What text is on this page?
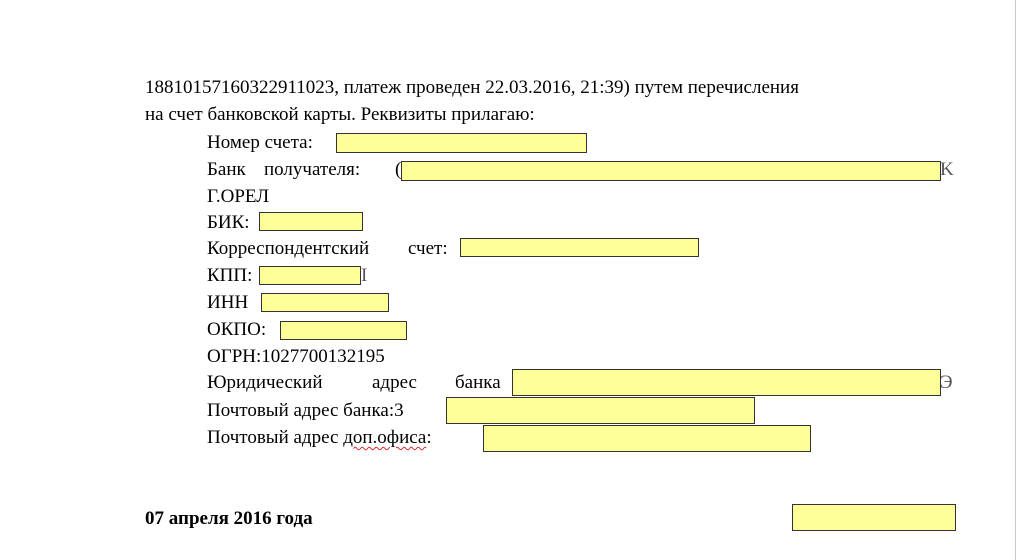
18810157160322911023, платеж проведен 22.03.2016, 21:39) путем перечисления
на счет банковской карты. Реквизиты прилагаю:
Номер счета:
Банк получателя: (	K
Г.ОРЕЛ
БИК:
Корреспондентский счет:
КПП:	I
ИНН
ОКПО:
ОГРН:1027700132195
Юридический	адрес банка	Э
Почтовый адрес банка:3
Почтовый адрес доп.офиса:
07 апреля 2016 года
